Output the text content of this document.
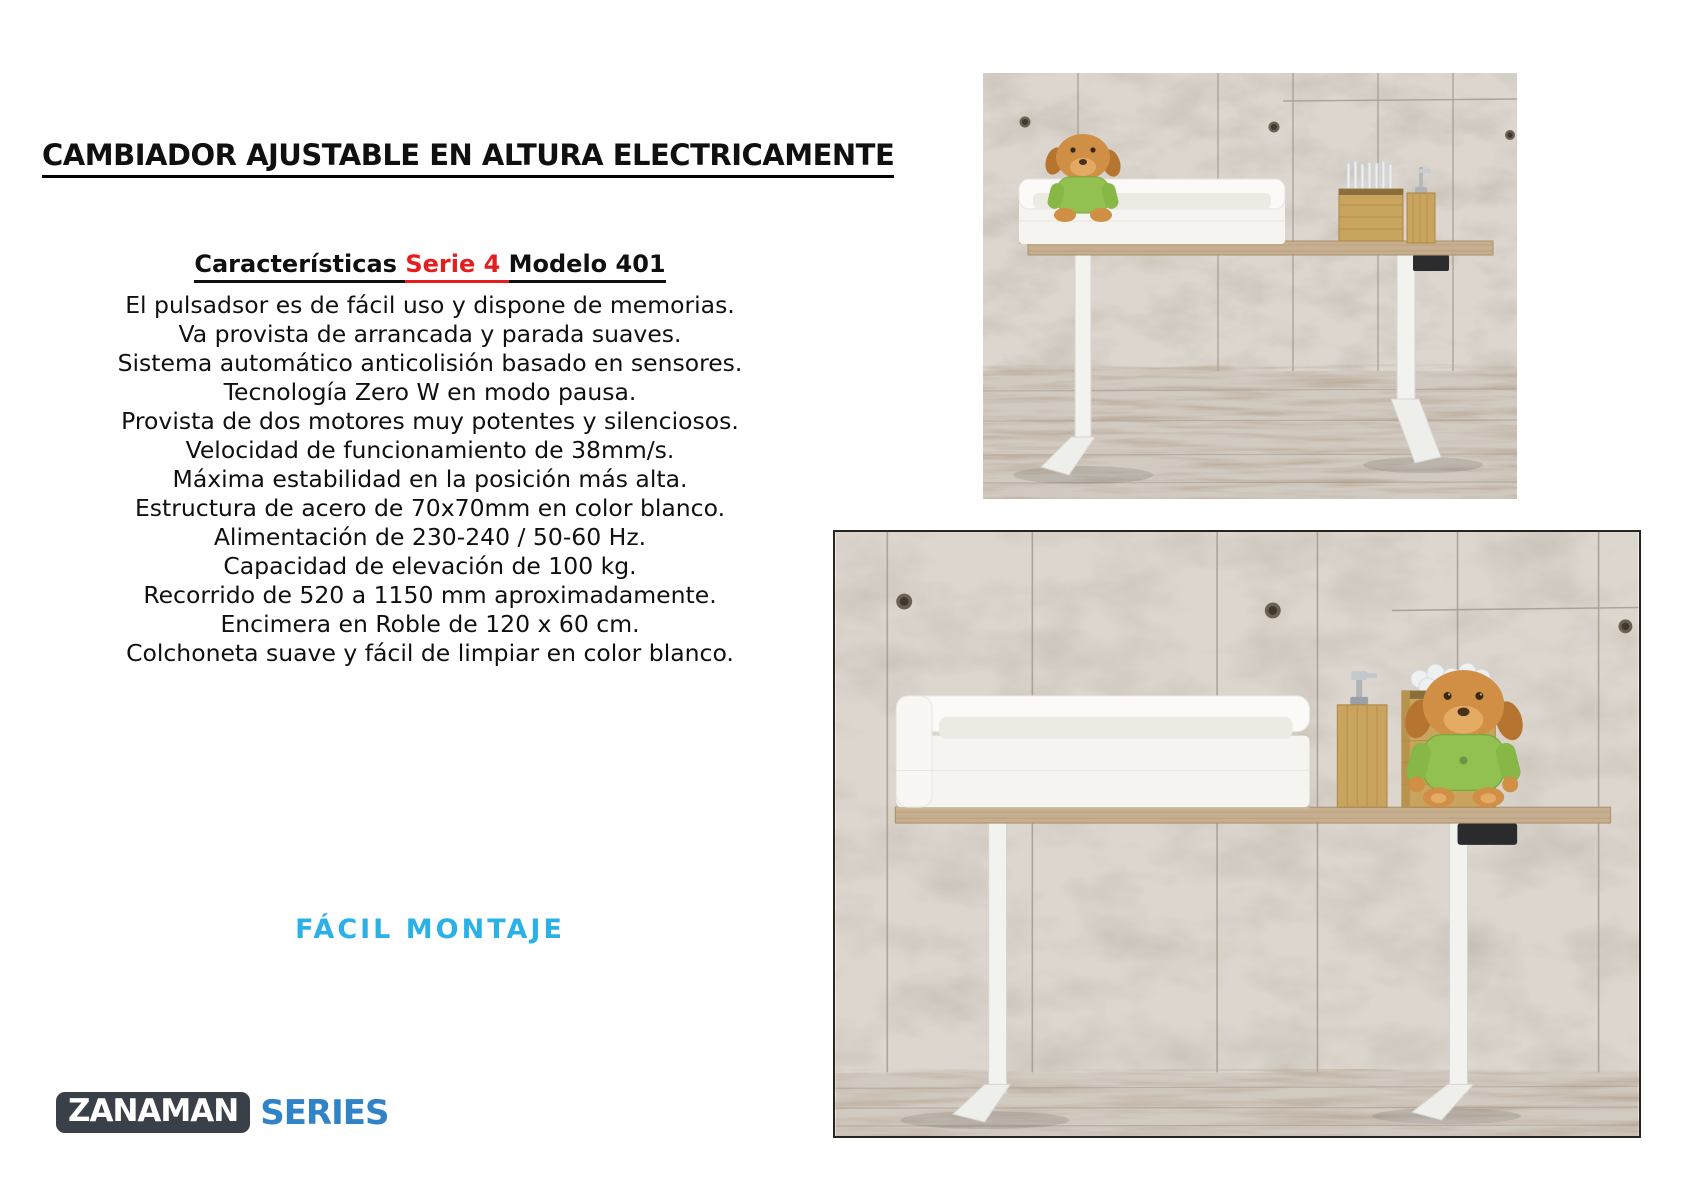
CAMBIADOR AJUSTABLE EN ALTURA ELECTRICAMENTE
Características Serie 4 Modelo 401
El pulsadsor es de fácil uso y dispone de memorias.
Va provista de arrancada y parada suaves.
Sistema automático anticolisión basado en sensores.
Tecnología Zero W en modo pausa.
Provista de dos motores muy potentes y silenciosos.
Velocidad de funcionamiento de 38mm/s.
Máxima estabilidad en la posición más alta.
Estructura de acero de 70x70mm en color blanco.
Alimentación de 230-240 / 50-60 Hz.
Capacidad de elevación de 100 kg.
Recorrido de 520 a 1150 mm aproximadamente.
Encimera en Roble de 120 x 60 cm.
Colchoneta suave y fácil de limpiar en color blanco.
FÁCIL MONTAJE
ZANAMAN SERIES
